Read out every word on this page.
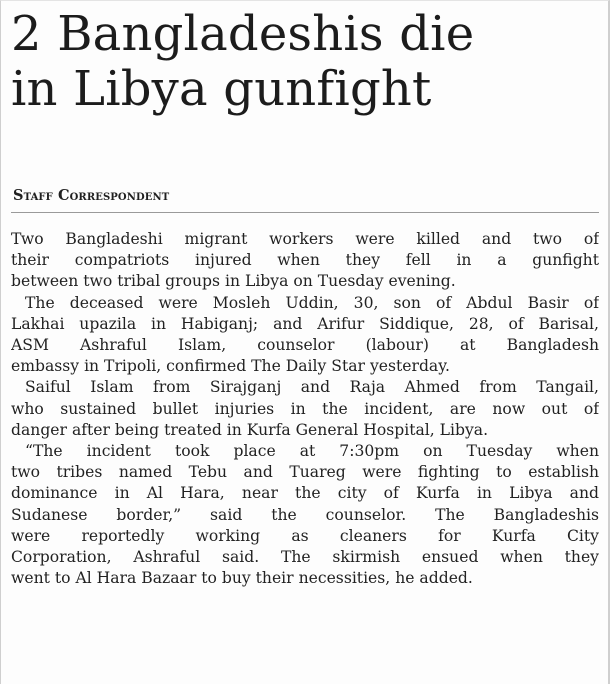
2 Bangladeshis die
in Libya gunfight
Staff Correspondent

Two Bangladeshi migrant workers were killed and two of
their compatriots injured when they fell in a gunfight
between two tribal groups in Libya on Tuesday evening.

The deceased were Mosleh Uddin, 30, son of Abdul Basir of
Lakhai upazila in Habiganj; and Arifur Siddique, 28, of Barisal,
ASM Ashraful Islam, counselor (labour) at Bangladesh
embassy in Tripoli, confirmed The Daily Star yesterday.

Saiful Islam from Sirajganj and Raja Ahmed from Tangail,
who sustained bullet injuries in the incident, are now out of
danger after being treated in Kurfa General Hospital, Libya.

“The incident took place at 7:30pm on Tuesday when
two tribes named Tebu and Tuareg were fighting to establish
dominance in Al Hara, near the city of Kurfa in Libya and
Sudanese border,” said the counselor. The Bangladeshis
were reportedly working as cleaners for Kurfa City
Corporation, Ashraful said. The skirmish ensued when they
went to Al Hara Bazaar to buy their necessities, he added.
